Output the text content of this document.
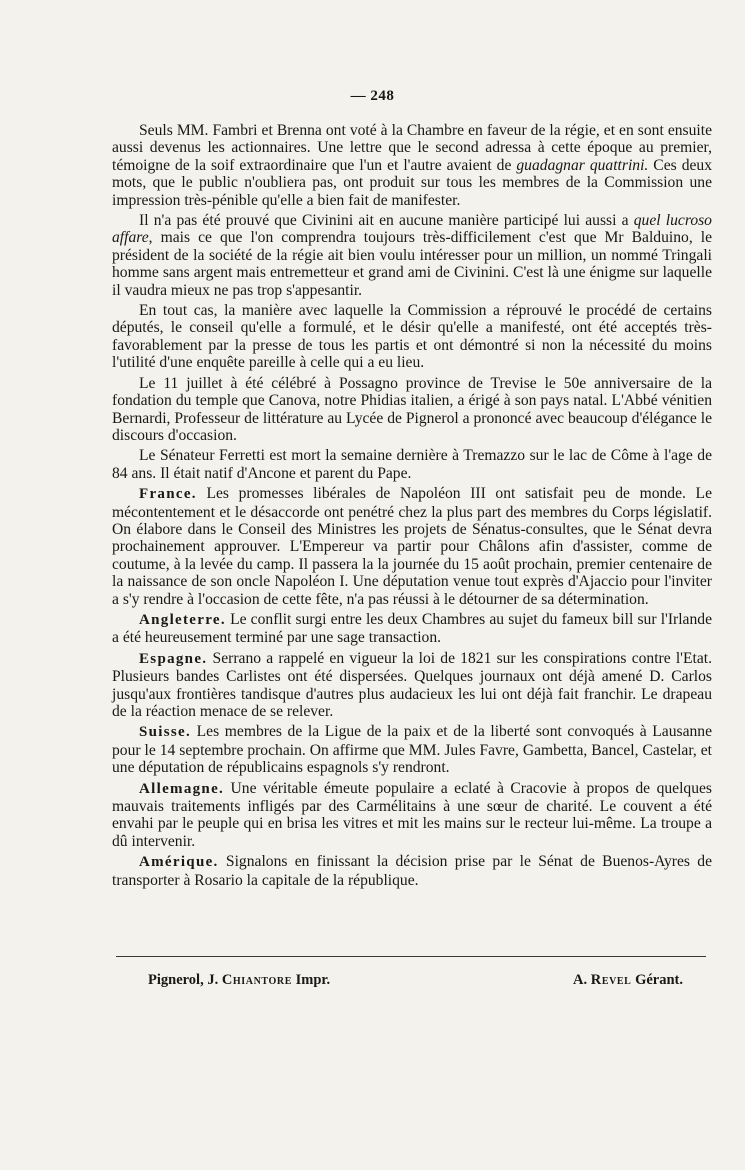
— 248

Seuls MM. Fambri et Brenna ont voté à la Chambre en faveur de la régie, et en sont ensuite aussi devenus les actionnaires. Une lettre que le second adressa à cette époque au premier, témoigne de la soif extraordinaire que l'un et l'autre avaient de guadagnar quattrini. Ces deux mots, que le public n'oubliera pas, ont produit sur tous les membres de la Commission une impression très-pénible qu'elle a bien fait de manifester.

Il n'a pas été prouvé que Civinini ait en aucune manière participé lui aussi a quel lucroso affare, mais ce que l'on comprendra toujours très-difficilement c'est que Mr Balduino, le président de la société de la régie ait bien voulu intéresser pour un million, un nommé Tringali homme sans argent mais entremetteur et grand ami de Civinini. C'est là une énigme sur laquelle il vaudra mieux ne pas trop s'appesantir.

En tout cas, la manière avec laquelle la Commission a réprouvé le procédé de certains députés, le conseil qu'elle a formulé, et le désir qu'elle a manifesté, ont été acceptés très-favorablement par la presse de tous les partis et ont démontré si non la nécessité du moins l'utilité d'une enquête pareille à celle qui a eu lieu.

Le 11 juillet à été célébré à Possagno province de Trevise le 50e anniversaire de la fondation du temple que Canova, notre Phidias italien, a érigé à son pays natal. L'Abbé vénitien Bernardi, Professeur de littérature au Lycée de Pignerol a prononcé avec beaucoup d'élégance le discours d'occasion.

Le Sénateur Ferretti est mort la semaine dernière à Tremazzo sur le lac de Côme à l'age de 84 ans. Il était natif d'Ancone et parent du Pape.

France. Les promesses libérales de Napoléon III ont satisfait peu de monde. Le mécontentement et le désaccorde ont penétré chez la plus part des membres du Corps législatif. On élabore dans le Conseil des Ministres les projets de Sénatus-consultes, que le Sénat devra prochainement approuver. L'Empereur va partir pour Châlons afin d'assister, comme de coutume, à la levée du camp. Il passera la la journée du 15 août prochain, premier centenaire de la naissance de son oncle Napoléon I. Une députation venue tout exprès d'Ajaccio pour l'inviter a s'y rendre à l'occasion de cette fête, n'a pas réussi à le détourner de sa détermination.

Angleterre. Le conflit surgi entre les deux Chambres au sujet du fameux bill sur l'Irlande a été heureusement terminé par une sage transaction.

Espagne. Serrano a rappelé en vigueur la loi de 1821 sur les conspirations contre l'Etat. Plusieurs bandes Carlistes ont été dispersées. Quelques journaux ont déjà amené D. Carlos jusqu'aux frontières tandisque d'autres plus audacieux les lui ont déjà fait franchir. Le drapeau de la réaction menace de se relever.

Suisse. Les membres de la Ligue de la paix et de la liberté sont convoqués à Lausanne pour le 14 septembre prochain. On affirme que MM. Jules Favre, Gambetta, Bancel, Castelar, et une députation de républicains espagnols s'y rendront.

Allemagne. Une véritable émeute populaire a eclaté à Cracovie à propos de quelques mauvais traitements infligés par des Carmélitains à une sœur de charité. Le couvent a été envahi par le peuple qui en brisa les vitres et mit les mains sur le recteur lui-même. La troupe a dû intervenir.

Amérique. Signalons en finissant la décision prise par le Sénat de Buenos-Ayres de transporter à Rosario la capitale de la république.

Pignerol, J. Chiantore Impr.	A. Revel Gérant.
